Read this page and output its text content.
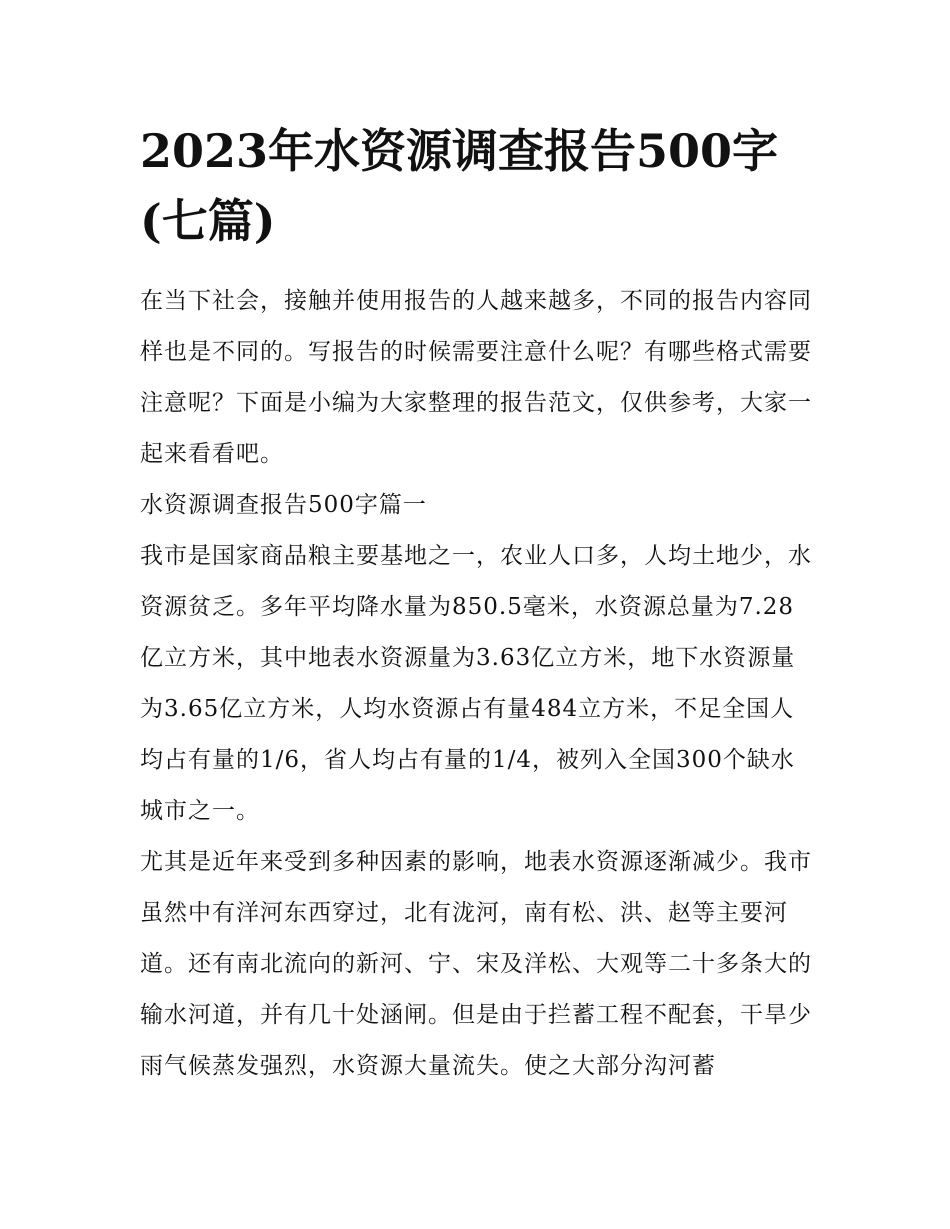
2023年水资源调查报告500字(七篇)

在当下社会，接触并使用报告的人越来越多，不同的报告内容同样也是不同的。写报告的时候需要注意什么呢？有哪些格式需要注意呢？下面是小编为大家整理的报告范文，仅供参考，大家一起来看看吧。

水资源调查报告500字篇一

我市是国家商品粮主要基地之一，农业人口多，人均土地少，水资源贫乏。多年平均降水量为850.5毫米，水资源总量为7.28亿立方米，其中地表水资源量为3.63亿立方米，地下水资源量为3.65亿立方米，人均水资源占有量484立方米，不足全国人均占有量的1/6，省人均占有量的1/4，被列入全国300个缺水城市之一。

尤其是近年来受到多种因素的影响，地表水资源逐渐减少。我市虽然中有洋河东西穿过，北有泷河，南有松、洪、赵等主要河道。还有南北流向的新河、宁、宋及洋松、大观等二十多条大的输水河道，并有几十处涵闸。但是由于拦蓄工程不配套，干旱少雨气候蒸发强烈，水资源大量流失。使之大部分沟河蓄
